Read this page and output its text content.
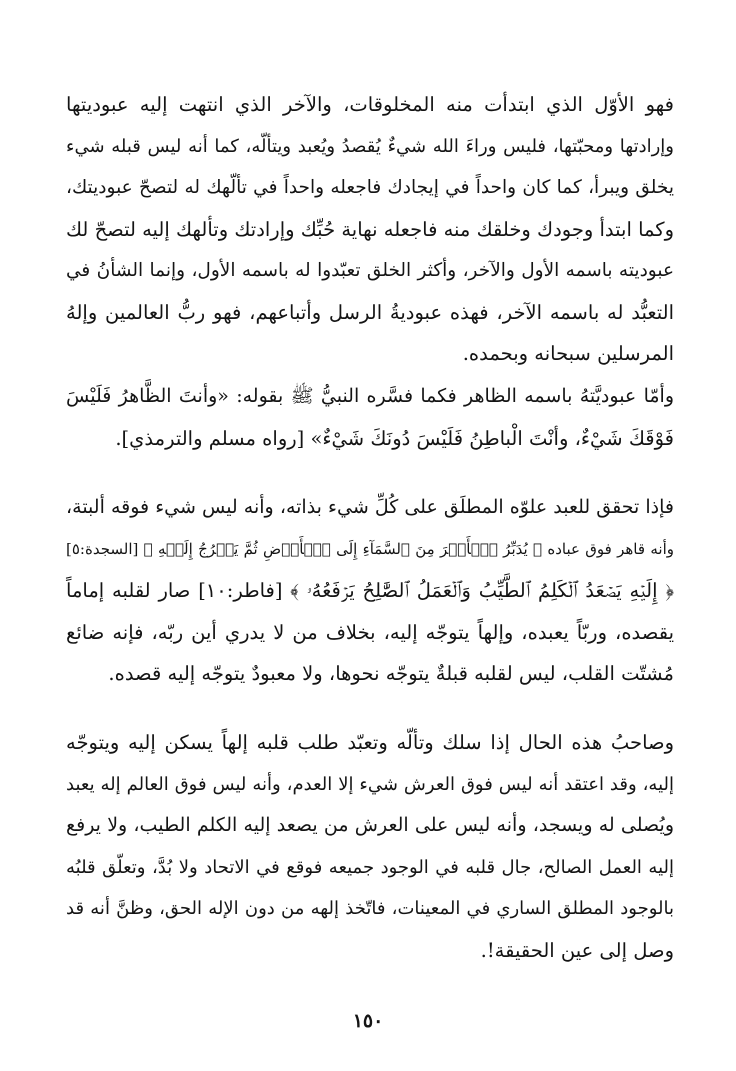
فهو الأوّل الذي ابتدأت منه المخلوقات، والآخر الذي انتهت إليه عبوديتها
وإرادتها ومحبّتها، فليس وراءَ الله شيءٌ يُقصدُ ويُعبد ويتألّه، كما أنه ليس قبله شيء
يخلق ويبرأ، كما كان واحداً في إيجادك فاجعله واحداً في تألّهك له لتصحّ عبوديتك،
وكما ابتدأ وجودك وخلقك منه فاجعله نهاية حُبِّك وإرادتك وتألهك إليه لتصحّ لك
عبوديته باسمه الأول والآخر، وأكثر الخلق تعبّدوا له باسمه الأول، وإنما الشأنُ في
التعبُّد له باسمه الآخر، فهذه عبوديةُ الرسل وأتباعهم، فهو ربُّ العالمين وإلهُ
المرسلين سبحانه وبحمده.

وأمّا عبوديَّتهُ باسمه الظاهر فكما فسَّره النبيُّ ﷺ بقوله: «وأنتَ الظَّاهرُ فَلَيْسَ
فَوْقَكَ شَيْءٌ، وأنْتَ الْباطِنُ فَلَيْسَ دُونَكَ شَيْءٌ» [رواه مسلم والترمذي].

فإذا تحقق للعبد علوّه المطلَق على كُلِّ شيء بذاته، وأنه ليس شيء فوقه ألبتة،
وأنه قاهر فوق عباده ﴿ يُدَبِّرُ ٱلۡأَمۡرَ مِنَ ٱلسَّمَآءِ إِلَى ٱلۡأَرۡضِ ثُمَّ يَعۡرُجُ إِلَيۡهِ ﴾ [السجدة:٥]
﴿ إِلَيۡهِ يَصۡعَدُ ٱلۡكَلِمُ ٱلطَّيِّبُ وَٱلۡعَمَلُ ٱلصَّٰلِحُ يَرۡفَعُهُۥ ﴾ [فاطر:١٠] صار لقلبه إماماً
يقصده، وربّاً يعبده، وإلهاً يتوجّه إليه، بخلاف من لا يدري أين ربّه، فإنه ضائع
مُشتّت القلب، ليس لقلبه قبلةٌ يتوجّه نحوها، ولا معبودٌ يتوجّه إليه قصده.

وصاحبُ هذه الحال إذا سلك وتألّه وتعبّد طلب قلبه إلهاً يسكن إليه ويتوجّه
إليه، وقد اعتقد أنه ليس فوق العرش شيء إلا العدم، وأنه ليس فوق العالم إله يعبد
ويُصلى له ويسجد، وأنه ليس على العرش من يصعد إليه الكلم الطيب، ولا يرفع
إليه العمل الصالح، جال قلبه في الوجود جميعه فوقع في الاتحاد ولا بُدَّ، وتعلّق قلبُه
بالوجود المطلق الساري في المعينات، فاتّخذ إلهه من دون الإله الحق، وظنَّ أنه قد
وصل إلى عين الحقيقة!.

١٥٠
